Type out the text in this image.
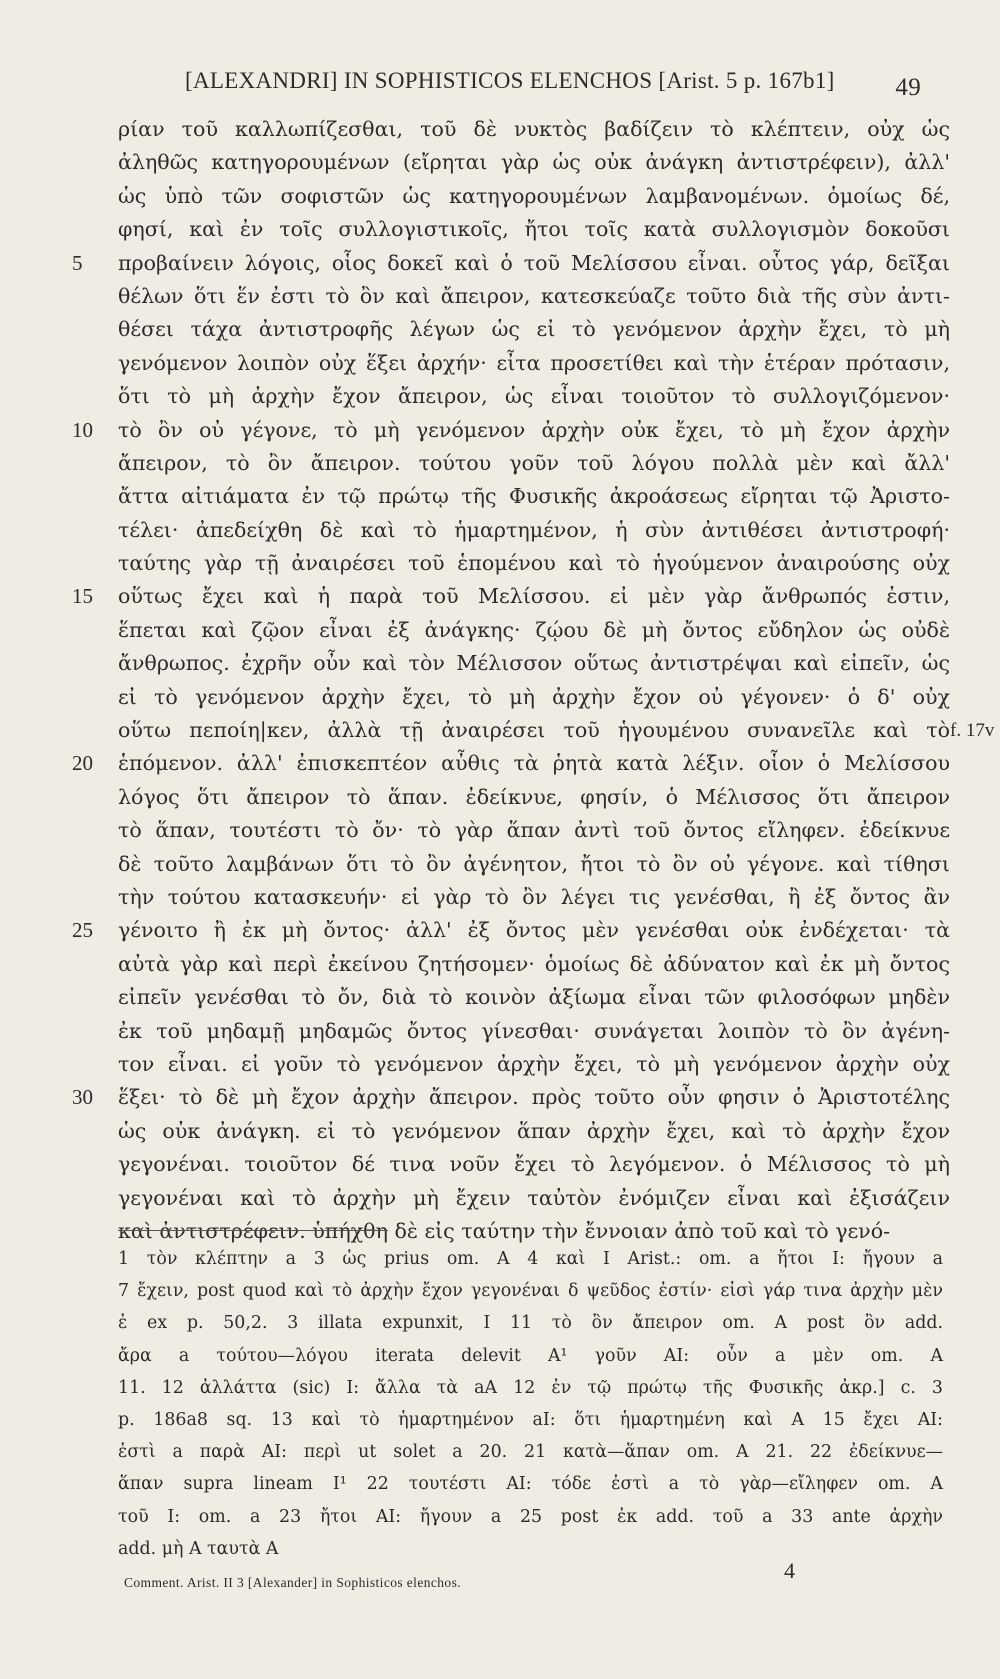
[ALEXANDRI] IN SOPHISTICOS ELENCHOS [Arist. 5 p. 167b1] 49
ρίαν τοῦ καλλωπίζεσθαι, τοῦ δὲ νυκτὸς βαδίζειν τὸ κλέπτειν, οὐχ ὡς
ἀληθῶς κατηγορουμένων (εἴρηται γὰρ ὡς οὐκ ἀνάγκη ἀντιστρέφειν), ἀλλ'
ὡς ὑπὸ τῶν σοφιστῶν ὡς κατηγορουμένων λαμβανομένων. ὁμοίως δέ,
φησί, καὶ ἐν τοῖς συλλογιστικοῖς, ἤτοι τοῖς κατὰ συλλογισμὸν δοκοῦσι
5	προβαίνειν λόγοις, οἷος δοκεῖ καὶ ὁ τοῦ Μελίσσου εἶναι. οὗτος γάρ, δεῖξαι
θέλων ὅτι ἕν ἐστι τὸ ὂν καὶ ἄπειρον, κατεσκεύαζε τοῦτο διὰ τῆς σὺν ἀντι-
θέσει τάχα ἀντιστροφῆς λέγων ὡς εἰ τὸ γενόμενον ἀρχὴν ἔχει, τὸ μὴ
γενόμενον λοιπὸν οὐχ ἕξει ἀρχήν· εἶτα προσετίθει καὶ τὴν ἑτέραν πρότασιν,
ὅτι τὸ μὴ ἀρχὴν ἔχον ἄπειρον, ὡς εἶναι τοιοῦτον τὸ συλλογιζόμενον·
10	τὸ ὂν οὐ γέγονε, τὸ μὴ γενόμενον ἀρχὴν οὐκ ἔχει, τὸ μὴ ἔχον ἀρχὴν
ἄπειρον, τὸ ὂν ἄπειρον. τούτου γοῦν τοῦ λόγου πολλὰ μὲν καὶ ἄλλ'
ἄττα αἰτιάματα ἐν τῷ πρώτῳ τῆς Φυσικῆς ἀκροάσεως εἴρηται τῷ Ἀριστο-
τέλει· ἀπεδείχθη δὲ καὶ τὸ ἡμαρτημένον, ἡ σὺν ἀντιθέσει ἀντιστροφή·
ταύτης γὰρ τῇ ἀναιρέσει τοῦ ἑπομένου καὶ τὸ ἡγούμενον ἀναιρούσης οὐχ
15	οὕτως ἔχει καὶ ἡ παρὰ τοῦ Μελίσσου. εἰ μὲν γὰρ ἄνθρωπός ἐστιν,
ἕπεται καὶ ζῷον εἶναι ἐξ ἀνάγκης· ζῴου δὲ μὴ ὄντος εὔδηλον ὡς οὐδὲ
ἄνθρωπος. ἐχρῆν οὖν καὶ τὸν Μέλισσον οὕτως ἀντιστρέψαι καὶ εἰπεῖν, ὡς
εἰ τὸ γενόμενον ἀρχὴν ἔχει, τὸ μὴ ἀρχὴν ἔχον οὐ γέγονεν· ὁ δ' οὐχ
οὕτω πεποίη|κεν, ἀλλὰ τῇ ἀναιρέσει τοῦ ἡγουμένου συνανεῖλε καὶ τὸ f. 17v
20	ἑπόμενον. ἀλλ' ἐπισκεπτέον αὖθις τὰ ῥητὰ κατὰ λέξιν. οἷον ὁ Μελίσσου
λόγος ὅτι ἄπειρον τὸ ἅπαν. ἐδείκνυε, φησίν, ὁ Μέλισσος ὅτι ἄπειρον
τὸ ἅπαν, τουτέστι τὸ ὄν· τὸ γὰρ ἅπαν ἀντὶ τοῦ ὄντος εἴληφεν. ἐδείκνυε
δὲ τοῦτο λαμβάνων ὅτι τὸ ὂν ἀγένητον, ἤτοι τὸ ὂν οὐ γέγονε. καὶ τίθησι
τὴν τούτου κατασκευήν· εἰ γὰρ τὸ ὂν λέγει τις γενέσθαι, ἢ ἐξ ὄντος ἂν
25	γένοιτο ἢ ἐκ μὴ ὄντος· ἀλλ' ἐξ ὄντος μὲν γενέσθαι οὐκ ἐνδέχεται· τὰ
αὐτὰ γὰρ καὶ περὶ ἐκείνου ζητήσομεν· ὁμοίως δὲ ἀδύνατον καὶ ἐκ μὴ ὄντος
εἰπεῖν γενέσθαι τὸ ὄν, διὰ τὸ κοινὸν ἀξίωμα εἶναι τῶν φιλοσόφων μηδὲν
ἐκ τοῦ μηδαμῇ μηδαμῶς ὄντος γίνεσθαι· συνάγεται λοιπὸν τὸ ὂν ἀγένη-
τον εἶναι. εἰ γοῦν τὸ γενόμενον ἀρχὴν ἔχει, τὸ μὴ γενόμενον ἀρχὴν οὐχ
30	ἕξει· τὸ δὲ μὴ ἔχον ἀρχὴν ἄπειρον. πρὸς τοῦτο οὖν φησιν ὁ Ἀριστοτέλης
ὡς οὐκ ἀνάγκη. εἰ τὸ γενόμενον ἅπαν ἀρχὴν ἔχει, καὶ τὸ ἀρχὴν ἔχον
γεγονέναι. τοιοῦτον δέ τινα νοῦν ἔχει τὸ λεγόμενον. ὁ Μέλισσος τὸ μὴ
γεγονέναι καὶ τὸ ἀρχὴν μὴ ἔχειν ταὐτὸν ἐνόμιζεν εἶναι καὶ ἐξισάζειν
καὶ ἀντιστρέφειν. ὑπήχθη δὲ εἰς ταύτην τὴν ἔννοιαν ἀπὸ τοῦ καὶ τὸ γενό-
1 τὸν κλέπτην a 3 ὡς prius om. A 4 καὶ I Arist.: om. a ἤτοι I: ἤγουν a
7 ἔχειν, post quod καὶ τὸ ἀρχὴν ἔχον γεγονέναι δ ψεῦδος ἐστίν· εἰσὶ γάρ τινα ἀρχὴν μὲν
ἐ ex p. 50,2. 3 illata expunxit, I 11 τὸ ὂν ἄπειρον om. A post ὂν add.
ἄρα a τούτου—λόγου iterata delevit A¹ γοῦν AI: οὖν a μὲν om. A
11. 12 ἀλλάττα (sic) I: ἄλλα τὰ aA 12 ἐν τῷ πρώτῳ τῆς Φυσικῆς ἀκρ.] c. 3
p. 186a8 sq. 13 καὶ τὸ ἡμαρτημένον aI: ὅτι ἡμαρτημένη καὶ A 15 ἔχει AI:
ἐστὶ a παρὰ AI: περὶ ut solet a 20. 21 κατὰ—ἅπαν om. A 21. 22 ἐδείκνυε—
ἅπαν supra lineam I¹ 22 τουτέστι AI: τόδε ἐστὶ a τὸ γὰρ—εἴληφεν om. A
τοῦ I: om. a 23 ἤτοι AI: ἤγουν a 25 post ἐκ add. τοῦ a 33 ante ἀρχὴν
add. μὴ A ταυτὰ A
Comment. Arist. II 3 [Alexander] in Sophisticos elenchos.	4
